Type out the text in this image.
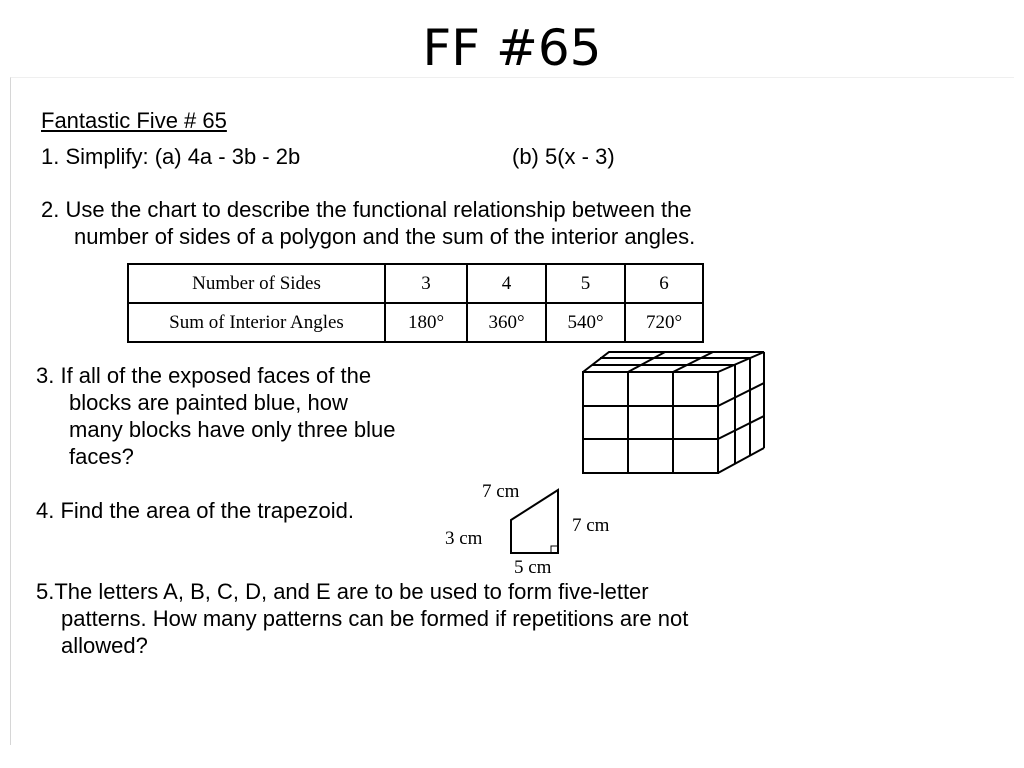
FF #65
Fantastic Five # 65
1. Simplify: (a) 4a - 3b - 2b	(b) 5(x - 3)
2. Use the chart to describe the functional relationship between the
number of sides of a polygon and the sum of the interior angles.
Number of Sides	3	4	5	6
Sum of Interior Angles	180°	360°	540°	720°
3. If all of the exposed faces of the
blocks are painted blue, how
many blocks have only three blue
faces?
4. Find the area of the trapezoid.
7 cm
7 cm
3 cm
5 cm
5.The letters A, B, C, D, and E are to be used to form five-letter
patterns. How many patterns can be formed if repetitions are not
allowed?
